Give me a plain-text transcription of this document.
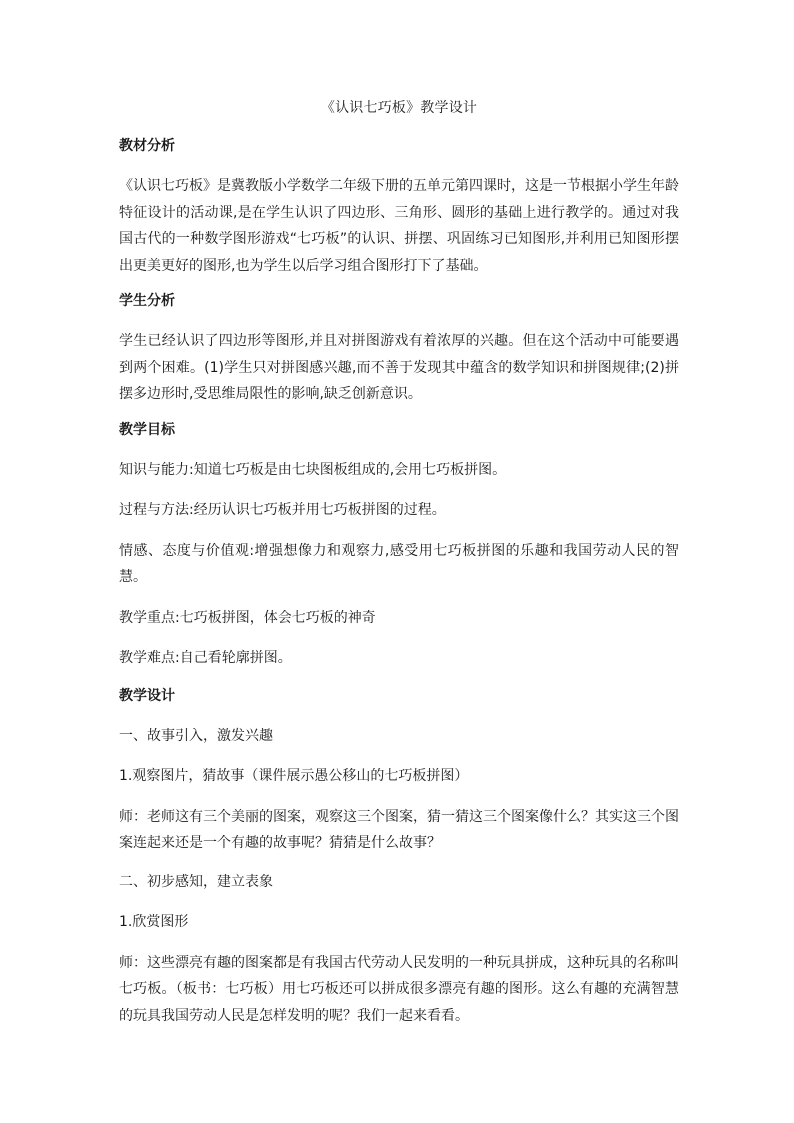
《认识七巧板》教学设计
教材分析

《认识七巧板》是冀教版小学数学二年级下册的五单元第四课时，这是一节根据小学生年龄特征设计的活动课,是在学生认识了四边形、三角形、圆形的基础上进行教学的。通过对我国古代的一种数学图形游戏“七巧板”的认识、拼摆、巩固练习已知图形,并利用已知图形摆出更美更好的图形,也为学生以后学习组合图形打下了基础。

学生分析

学生已经认识了四边形等图形,并且对拼图游戏有着浓厚的兴趣。但在这个活动中可能要遇到两个困难。(1)学生只对拼图感兴趣,而不善于发现其中蕴含的数学知识和拼图规律;(2)拼摆多边形时,受思维局限性的影响,缺乏创新意识。

教学目标

知识与能力:知道七巧板是由七块图板组成的,会用七巧板拼图。

过程与方法:经历认识七巧板并用七巧板拼图的过程。

情感、态度与价值观:增强想像力和观察力,感受用七巧板拼图的乐趣和我国劳动人民的智慧。

教学重点:七巧板拼图，体会七巧板的神奇

教学难点:自己看轮廓拼图。

教学设计

一、故事引入，激发兴趣

1.观察图片，猜故事（课件展示愚公移山的七巧板拼图）

师：老师这有三个美丽的图案，观察这三个图案，猜一猜这三个图案像什么？其实这三个图案连起来还是一个有趣的故事呢？猜猜是什么故事？

二、初步感知，建立表象

1.欣赏图形

师：这些漂亮有趣的图案都是有我国古代劳动人民发明的一种玩具拼成，这种玩具的名称叫七巧板。（板书：七巧板）用七巧板还可以拼成很多漂亮有趣的图形。这么有趣的充满智慧的玩具我国劳动人民是怎样发明的呢？我们一起来看看。
